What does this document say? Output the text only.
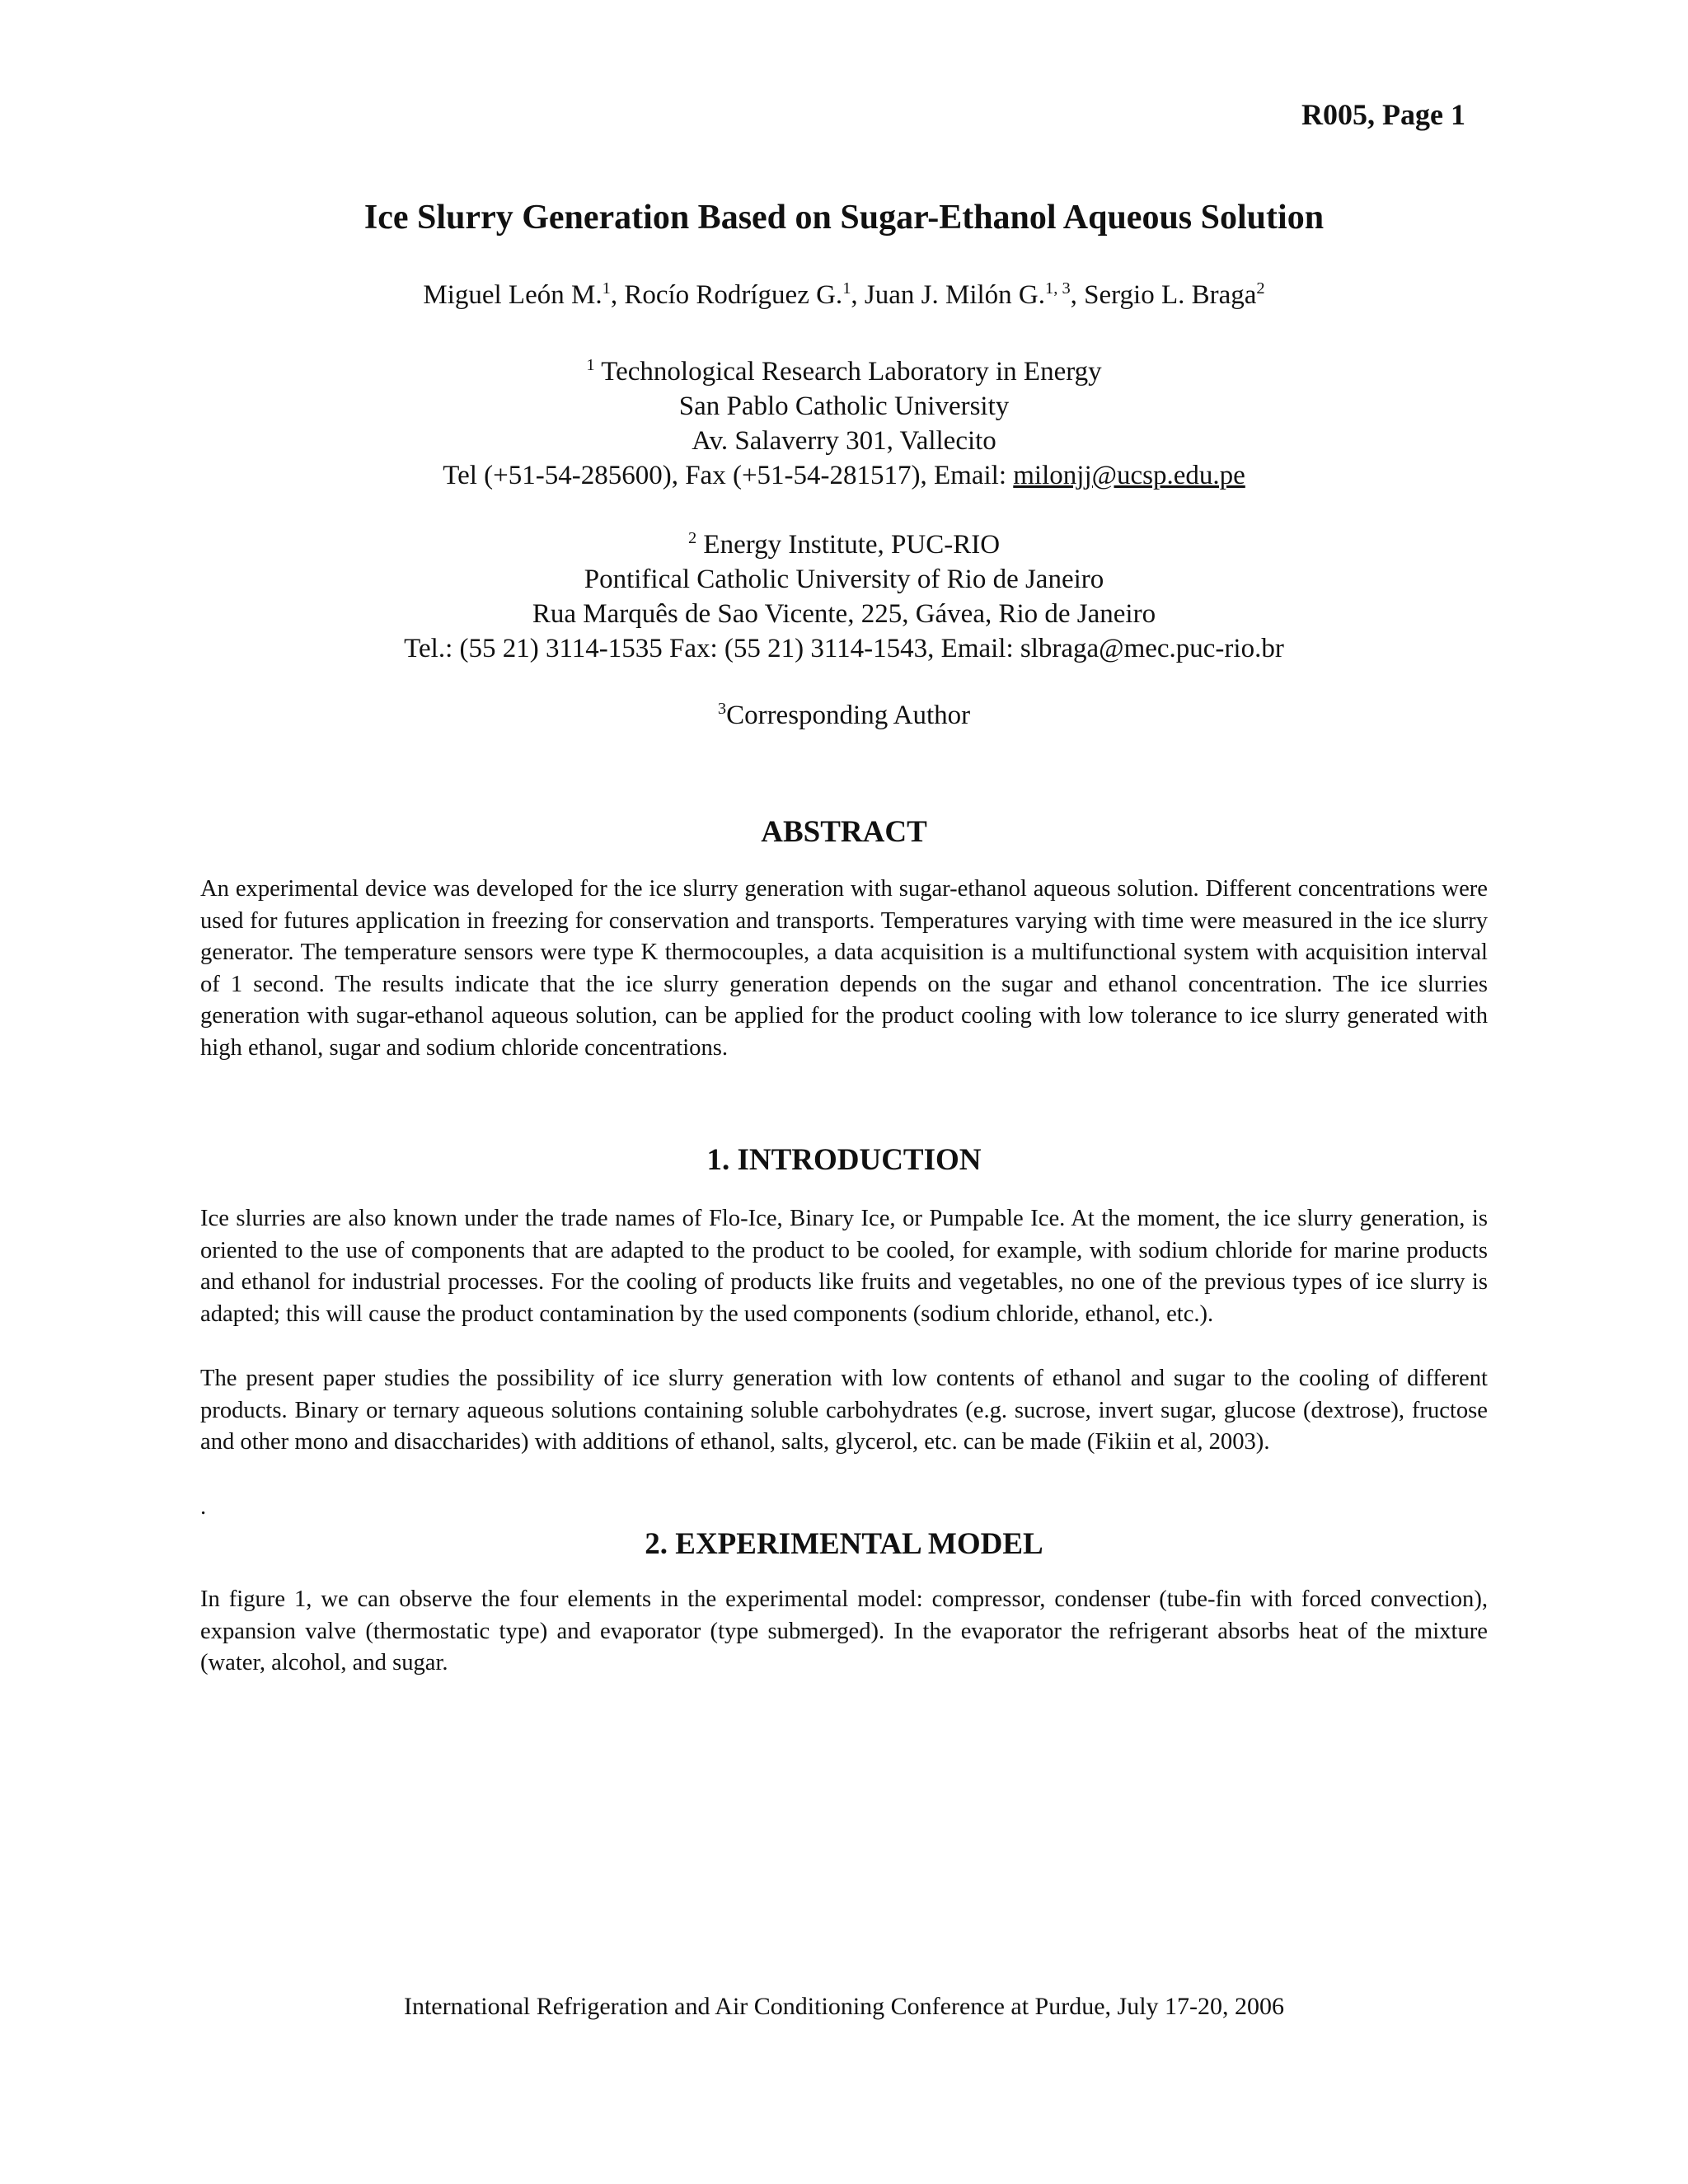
R005, Page 1
Ice Slurry Generation Based on Sugar-Ethanol Aqueous Solution
Miguel León M.$^1$, Rocío Rodríguez G.$^1$, Juan J. Milón G.$^{1, 3}$, Sergio L. Braga$^2$
$^1$ Technological Research Laboratory in Energy
San Pablo Catholic University
Av. Salaverry 301, Vallecito
Tel (+51-54-285600), Fax (+51-54-281517), Email: milonjj@ucsp.edu.pe
$^2$ Energy Institute, PUC-RIO
Pontifical Catholic University of Rio de Janeiro
Rua Marquês de Sao Vicente, 225, Gávea, Rio de Janeiro
Tel.: (55 21) 3114-1535 Fax: (55 21) 3114-1543, Email: slbraga@mec.puc-rio.br
$^3$Corresponding Author
ABSTRACT

An experimental device was developed for the ice slurry generation with sugar-ethanol aqueous solution. Different concentrations were used for futures application in freezing for conservation and transports. Temperatures varying with time were measured in the ice slurry generator. The temperature sensors were type K thermocouples, a data acquisition is a multifunctional system with acquisition interval of 1 second. The results indicate that the ice slurry generation depends on the sugar and ethanol concentration. The ice slurries generation with sugar-ethanol aqueous solution, can be applied for the product cooling with low tolerance to ice slurry generated with high ethanol, sugar and sodium chloride concentrations.

1. INTRODUCTION

Ice slurries are also known under the trade names of Flo-Ice, Binary Ice, or Pumpable Ice. At the moment, the ice slurry generation, is oriented to the use of components that are adapted to the product to be cooled, for example, with sodium chloride for marine products and ethanol for industrial processes. For the cooling of products like fruits and vegetables, no one of the previous types of ice slurry is adapted; this will cause the product contamination by the used components (sodium chloride, ethanol, etc.).

The present paper studies the possibility of ice slurry generation with low contents of ethanol and sugar to the cooling of different products. Binary or ternary aqueous solutions containing soluble carbohydrates (e.g. sucrose, invert sugar, glucose (dextrose), fructose and other mono and disaccharides) with additions of ethanol, salts, glycerol, etc. can be made (Fikiin et al, 2003).

.

2. EXPERIMENTAL MODEL

In figure 1, we can observe the four elements in the experimental model: compressor, condenser (tube-fin with forced convection), expansion valve (thermostatic type) and evaporator (type submerged). In the evaporator the refrigerant absorbs heat of the mixture (water, alcohol, and sugar.

International Refrigeration and Air Conditioning Conference at Purdue, July 17-20, 2006
